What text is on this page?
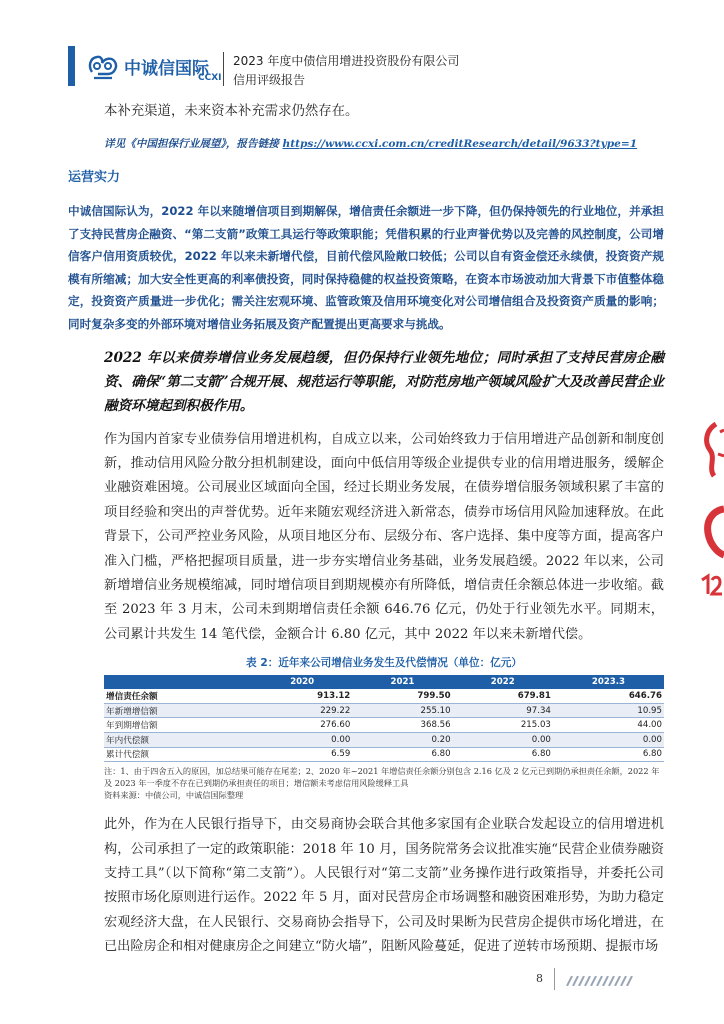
中诚信国际
CCXI
2023 年度中债信用增进投资股份有限公司
信用评级报告

本补充渠道，未来资本补充需求仍然存在。

详见《中国担保行业展望》，报告链接 https://www.ccxi.com.cn/creditResearch/detail/9633?type=1

运营实力

中诚信国际认为，2022 年以来随增信项目到期解保，增信责任余额进一步下降，但仍保持领先的行业地位，并承担了支持民营房企融资、“第二支箭”政策工具运行等政策职能；凭借积累的行业声誉优势以及完善的风控制度，公司增信客户信用资质较优，2022 年以来未新增代偿，目前代偿风险敞口较低；公司以自有资金偿还永续债，投资资产规模有所缩减；加大安全性更高的利率债投资，同时保持稳健的权益投资策略，在资本市场波动加大背景下市值整体稳定，投资资产质量进一步优化；需关注宏观环境、监管政策及信用环境变化对公司增信组合及投资资产质量的影响；同时复杂多变的外部环境对增信业务拓展及资产配置提出更高要求与挑战。

2022 年以来债券增信业务发展趋缓，但仍保持行业领先地位；同时承担了支持民营房企融资、确保“第二支箭”合规开展、规范运行等职能，对防范房地产领域风险扩大及改善民营企业融资环境起到积极作用。

作为国内首家专业债券信用增进机构，自成立以来，公司始终致力于信用增进产品创新和制度创新，推动信用风险分散分担机制建设，面向中低信用等级企业提供专业的信用增进服务，缓解企业融资难困境。公司展业区域面向全国，经过长期业务发展，在债券增信服务领域积累了丰富的项目经验和突出的声誉优势。近年来随宏观经济进入新常态，债券市场信用风险加速释放。在此背景下，公司严控业务风险，从项目地区分布、层级分布、客户选择、集中度等方面，提高客户准入门槛，严格把握项目质量，进一步夯实增信业务基础，业务发展趋缓。2022 年以来，公司新增增信业务规模缩减，同时增信项目到期规模亦有所降低，增信责任余额总体进一步收缩。截至 2023 年 3 月末，公司未到期增信责任余额 646.76 亿元，仍处于行业领先水平。同期末，公司累计共发生 14 笔代偿，金额合计 6.80 亿元，其中 2022 年以来未新增代偿。

表 2：近年来公司增信业务发生及代偿情况（单位：亿元）
	2020	2021	2022	2023.3
增信责任余额	913.12	799.50	679.81	646.76
年新增增信额	229.22	255.10	97.34	10.95
年到期增信额	276.60	368.56	215.03	44.00
年内代偿额	0.00	0.20	0.00	0.00
累计代偿额	6.59	6.80	6.80	6.80
注：1、由于四舍五入的原因，加总结果可能存在尾差；2、2020 年~2021 年增信责任余额分别包含 2.16 亿及 2 亿元已到期仍承担责任余额，2022 年及 2023 年一季度不存在已到期仍承担责任的项目；增信额未考虑信用风险缓释工具
资料来源：中债公司，中诚信国际整理

此外，作为在人民银行指导下，由交易商协会联合其他多家国有企业联合发起设立的信用增进机构，公司承担了一定的政策职能：2018 年 10 月，国务院常务会议批准实施“民营企业债券融资支持工具”（以下简称“第二支箭”）。人民银行对“第二支箭”业务操作进行政策指导，并委托公司按照市场化原则进行运作。2022 年 5 月，面对民营房企市场调整和融资困难形势，为助力稳定宏观经济大盘，在人民银行、交易商协会指导下，公司及时果断为民营房企提供市场化增进，在已出险房企和相对健康房企之间建立“防火墙”，阻断风险蔓延，促进了逆转市场预期、提振市场

8
